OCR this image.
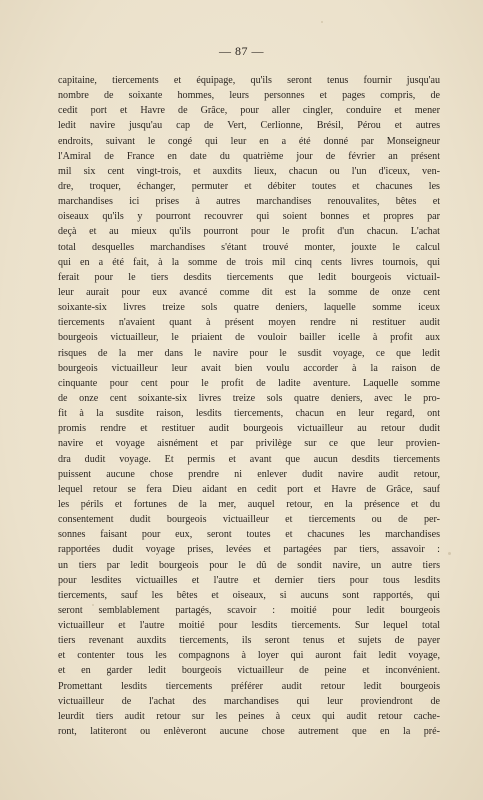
— 87 —
capitaine, tiercements et équipage, qu'ils seront tenus fournir jusqu'au
nombre de soixante hommes, leurs personnes et pages compris, de
cedit port et Havre de Grâce, pour aller cingler, conduire et mener
ledit navire jusqu'au cap de Vert, Cerlionne, Brésil, Pérou et autres
endroits, suivant le congé qui leur en a été donné par Monseigneur
l'Amiral de France en date du quatrième jour de février an présent
mil six cent vingt-trois, et auxdits lieux, chacun ou l'un d'iceux, ven-
dre, troquer, échanger, permuter et débiter toutes et chacunes les
marchandises ici prises à autres marchandises renouvalites, bêtes et
oiseaux qu'ils y pourront recouvrer qui soient bonnes et propres par
deçà et au mieux qu'ils pourront pour le profit d'un chacun. L'achat
total desquelles marchandises s'étant trouvé monter, jouxte le calcul
qui en a été fait, à la somme de trois mil cinq cents livres tournois, qui
ferait pour le tiers desdits tiercements que ledit bourgeois victuail-
leur aurait pour eux avancé comme dit est la somme de onze cent
soixante-six livres treize sols quatre deniers, laquelle somme iceux
tiercements n'avaient quant à présent moyen rendre ni restituer audit
bourgeois victuailleur, le priaient de vouloir bailler icelle à profit aux
risques de la mer dans le navire pour le susdit voyage, ce que ledit
bourgeois victuailleur leur avait bien voulu accorder à la raison de
cinquante pour cent pour le profit de ladite aventure. Laquelle somme
de onze cent soixante-six livres treize sols quatre deniers, avec le pro-
fit à la susdite raison, lesdits tiercements, chacun en leur regard, ont
promis rendre et restituer audit bourgeois victuailleur au retour dudit
navire et voyage aisnément et par privilège sur ce que leur provien-
dra dudit voyage. Et permis et avant que aucun desdits tiercements
puissent aucune chose prendre ni enlever dudit navire audit retour,
lequel retour se fera Dieu aidant en cedit port et Havre de Grâce, sauf
les périls et fortunes de la mer, auquel retour, en la présence et du
consentement dudit bourgeois victuailleur et tiercements ou de per-
sonnes faisant pour eux, seront toutes et chacunes les marchandises
rapportées dudit voyage prises, levées et partagées par tiers, assavoir :
un tiers par ledit bourgeois pour le dû de sondit navire, un autre tiers
pour lesdites victuailles et l'autre et dernier tiers pour tous lesdits
tiercements, sauf les bêtes et oiseaux, si aucuns sont rapportés, qui
seront semblablement partagés, scavoir : moitié pour ledit bourgeois
victuailleur et l'autre moitié pour lesdits tiercements. Sur lequel total
tiers revenant auxdits tiercements, ils seront tenus et sujets de payer
et contenter tous les compagnons à loyer qui auront fait ledit voyage,
et en garder ledit bourgeois victuailleur de peine et inconvénient.
Promettant lesdits tiercements préférer audit retour ledit bourgeois
victuailleur de l'achat des marchandises qui leur proviendront de
leurdit tiers audit retour sur les peines à ceux qui audit retour cache-
ront, latiteront ou enlèveront aucune chose autrement que en la pré-
